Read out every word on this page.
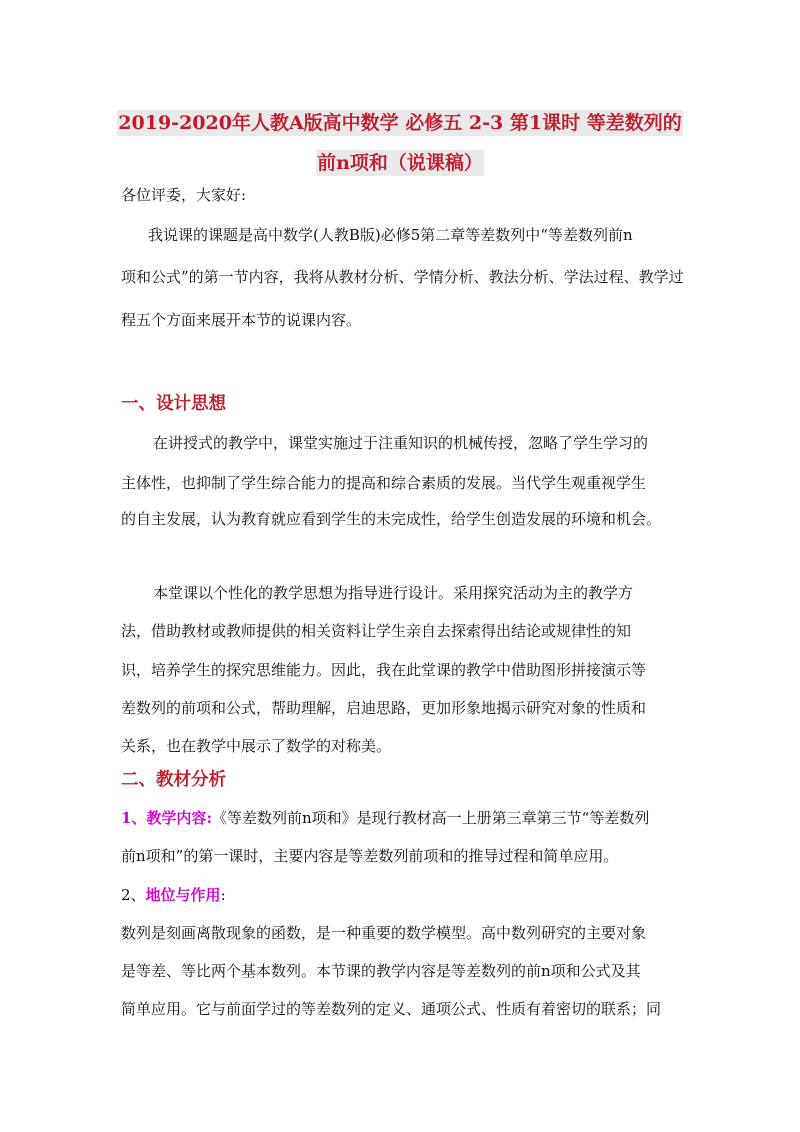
2019-2020年人教A版高中数学 必修五 2-3 第1课时 等差数列的
前n项和（说课稿）
各位评委，大家好:
我说课的课题是高中数学(人教B版)必修5第二章等差数列中“等差数列前n
项和公式”的第一节内容，我将从教材分析、学情分析、教法分析、学法过程、教学过
程五个方面来展开本节的说课内容。
一、设计思想
在讲授式的教学中，课堂实施过于注重知识的机械传授，忽略了学生学习的
主体性，也抑制了学生综合能力的提高和综合素质的发展。当代学生观重视学生
的自主发展，认为教育就应看到学生的未完成性，给学生创造发展的环境和机会。
本堂课以个性化的教学思想为指导进行设计。采用探究活动为主的教学方
法，借助教材或教师提供的相关资料让学生亲自去探索得出结论或规律性的知
识，培养学生的探究思维能力。因此，我在此堂课的教学中借助图形拼接演示等
差数列的前项和公式，帮助理解，启迪思路，更加形象地揭示研究对象的性质和
关系，也在教学中展示了数学的对称美。
二、教材分析
1、教学内容:《等差数列前n项和》是现行教材高一上册第三章第三节“等差数列
前n项和”的第一课时，主要内容是等差数列前项和的推导过程和简单应用。
2、地位与作用:
数列是刻画离散现象的函数，是一种重要的数学模型。高中数列研究的主要对象
是等差、等比两个基本数列。本节课的教学内容是等差数列的前n项和公式及其
简单应用。它与前面学过的等差数列的定义、通项公式、性质有着密切的联系；同
